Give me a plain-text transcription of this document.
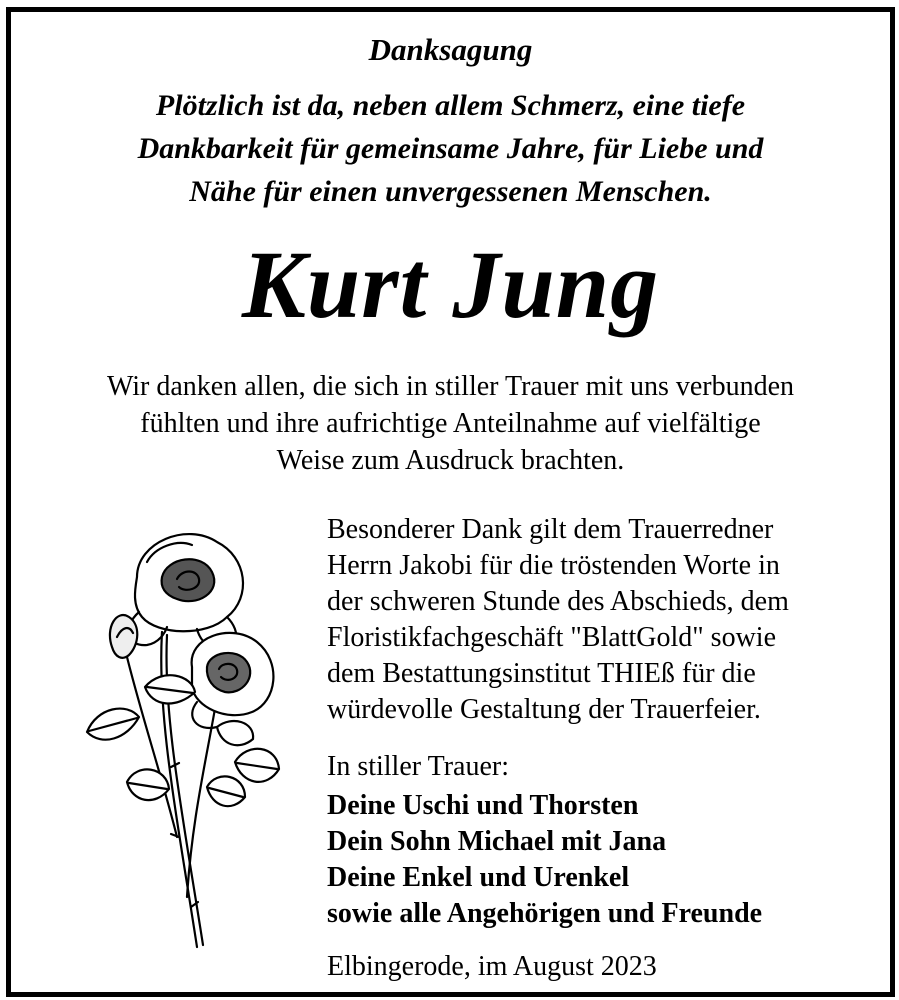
Danksagung
Plötzlich ist da, neben allem Schmerz, eine tiefe
Dankbarkeit für gemeinsame Jahre, für Liebe und
Nähe für einen unvergessenen Menschen.
Kurt Jung
Wir danken allen, die sich in stiller Trauer mit uns verbunden
fühlten und ihre aufrichtige Anteilnahme auf vielfältige
Weise zum Ausdruck brachten.
Besonderer Dank gilt dem Trauerredner
Herrn Jakobi für die tröstenden Worte in
der schweren Stunde des Abschieds, dem
Floristikfachgeschäft "BlattGold" sowie
dem Bestattungsinstitut THIEß für die
würdevolle Gestaltung der Trauerfeier.
In stiller Trauer:
Deine Uschi und Thorsten
Dein Sohn Michael mit Jana
Deine Enkel und Urenkel
sowie alle Angehörigen und Freunde
Elbingerode, im August 2023
